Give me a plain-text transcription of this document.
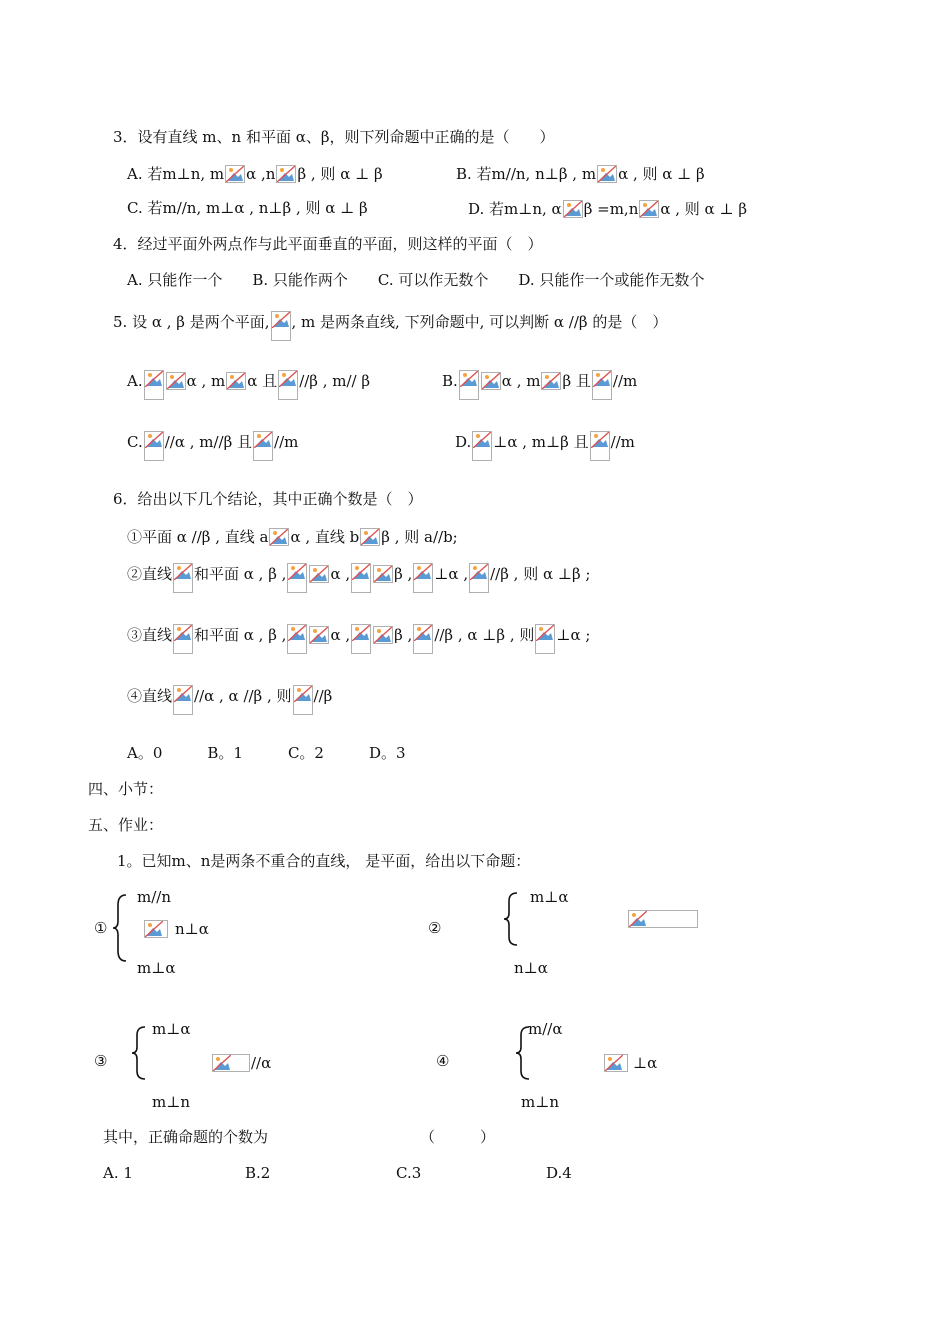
3．设有直线 m、n 和平面 α、β，则下列命题中正确的是（　　）
A. 若m⊥n, m α ,n β , 则 α ⊥ β	B. 若m//n, n⊥β , m α , 则 α ⊥ β
C. 若m//n, m⊥α , n⊥β , 则 α ⊥ β	D. 若m⊥n, α β =m,n α , 则 α ⊥ β
4．经过平面外两点作与此平面垂直的平面，则这样的平面（　）
A. 只能作一个　　B. 只能作两个　　C. 可以作无数个　　D. 只能作一个或能作无数个
5. 设 α , β 是两个平面, , m 是两条直线, 下列命题中, 可以判断 α //β 的是（　）
A.	α , m α 且 //β , m// β	B.	α , m β 且 //m
C. //α , m//β 且 //m	D. ⊥α , m⊥β 且 //m
6．给出以下几个结论，其中正确个数是（　）
①平面 α //β , 直线 a α , 直线 b β , 则 a//b;
②直线 和平面 α , β ,	α ,	β , ⊥α , //β , 则 α ⊥β ;
③直线 和平面 α , β ,	α ,	β , //β , α ⊥β , 则 ⊥α ;
④直线 //α , α //β , 则 //β
A。0　　　B。1　　　C。2　　　D。3
四、小节：
五、作业：
1。已知m、n是两条不重合的直线， 是平面，给出以下命题：
①
m//n
n⊥α
m⊥α
②
m⊥α
n⊥α
③
m⊥α
//α
m⊥n
④
m//α
⊥α
m⊥n
其中，正确命题的个数为	（　　　）
A. 1	B.2	C.3	D.4
